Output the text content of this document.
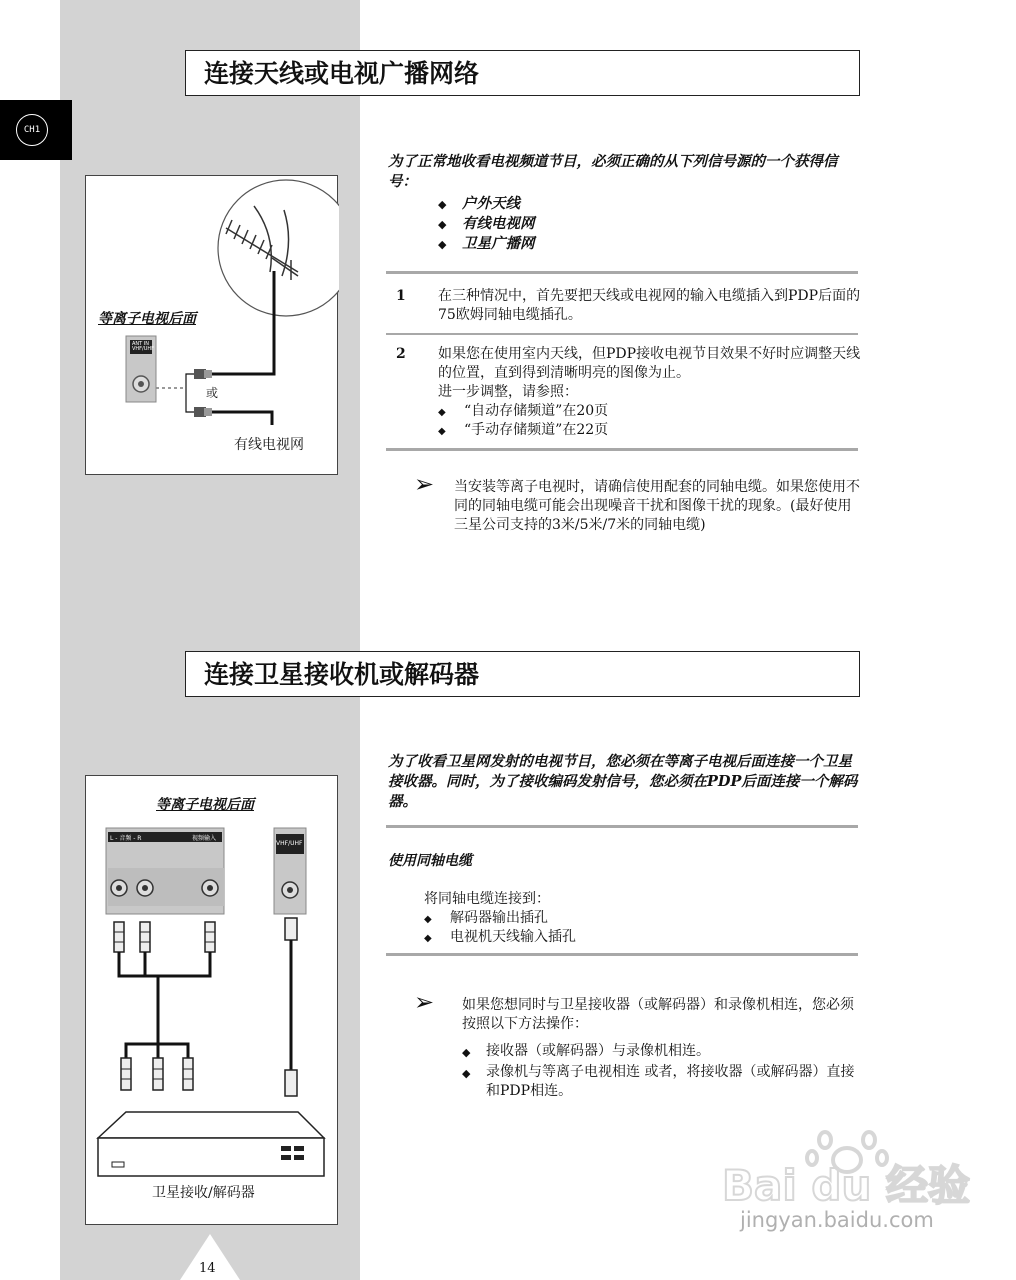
CH1
连接天线或电视广播网络
为了正常地收看电视频道节目，必须正确的从下列信号源的一个获得信号：
◆ 户外天线
◆ 有线电视网
◆ 卫星广播网
1 在三种情况中，首先要把天线或电视网的输入电缆插入到PDP后面的75欧姆同轴电缆插孔。
2 如果您在使用室内天线，但PDP接收电视节目效果不好时应调整天线的位置，直到得到清晰明亮的图像为止。
进一步调整，请参照：
◆ “自动存储频道”在20页
◆ “手动存储频道”在22页
➢ 当安装等离子电视时，请确信使用配套的同轴电缆。如果您使用不同的同轴电缆可能会出现噪音干扰和图像干扰的现象。(最好使用三星公司支持的3米/5米/7米的同轴电缆)
等离子电视后面
ANT IN VHF/UHF
或
有线电视网
连接卫星接收机或解码器
为了收看卫星网发射的电视节目，您必须在等离子电视后面连接一个卫星接收器。同时，为了接收编码发射信号，您必须在PDP后面连接一个解码器。
使用同轴电缆
将同轴电缆连接到：
◆ 解码器输出插孔
◆ 电视机天线输入插孔
➢ 如果您想同时与卫星接收器（或解码器）和录像机相连，您必须按照以下方法操作：
◆ 接收器（或解码器）与录像机相连。
◆ 录像机与等离子电视相连 或者，将接收器（或解码器）直接和PDP相连。
等离子电视后面
L - 音频 - R	视频输入
VHF/UHF
卫星接收/解码器
14
Bai du 经验
jingyan.baidu.com
